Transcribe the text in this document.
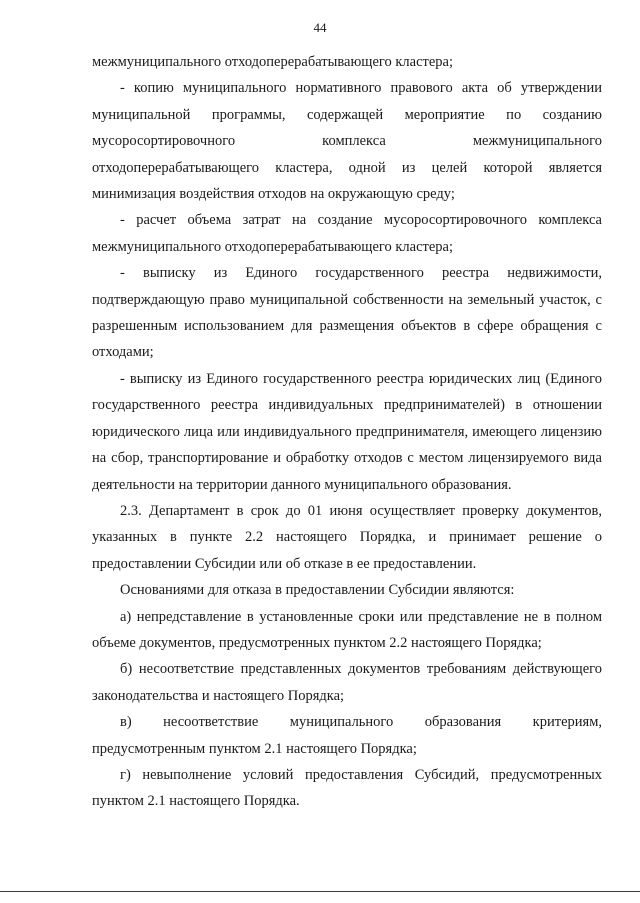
44

межмуниципального отходоперерабатывающего кластера;

- копию муниципального нормативного правового акта об утверждении муниципальной программы, содержащей мероприятие по созданию мусоросортировочного комплекса межмуниципального отходоперерабатывающего кластера, одной из целей которой является минимизация воздействия отходов на окружающую среду;

- расчет объема затрат на создание мусоросортировочного комплекса межмуниципального отходоперерабатывающего кластера;

- выписку из Единого государственного реестра недвижимости, подтверждающую право муниципальной собственности на земельный участок, с разрешенным использованием для размещения объектов в сфере обращения с отходами;

- выписку из Единого государственного реестра юридических лиц (Единого государственного реестра индивидуальных предпринимателей) в отношении юридического лица или индивидуального предпринимателя, имеющего лицензию на сбор, транспортирование и обработку отходов с местом лицензируемого вида деятельности на территории данного муниципального образования.

2.3. Департамент в срок до 01 июня осуществляет проверку документов, указанных в пункте 2.2 настоящего Порядка, и принимает решение о предоставлении Субсидии или об отказе в ее предоставлении.

Основаниями для отказа в предоставлении Субсидии являются:

а) непредставление в установленные сроки или представление не в полном объеме документов, предусмотренных пунктом 2.2 настоящего Порядка;

б) несоответствие представленных документов требованиям действующего законодательства и настоящего Порядка;

в) несоответствие муниципального образования критериям, предусмотренным пунктом 2.1 настоящего Порядка;

г) невыполнение условий предоставления Субсидий, предусмотренных пунктом 2.1 настоящего Порядка.
